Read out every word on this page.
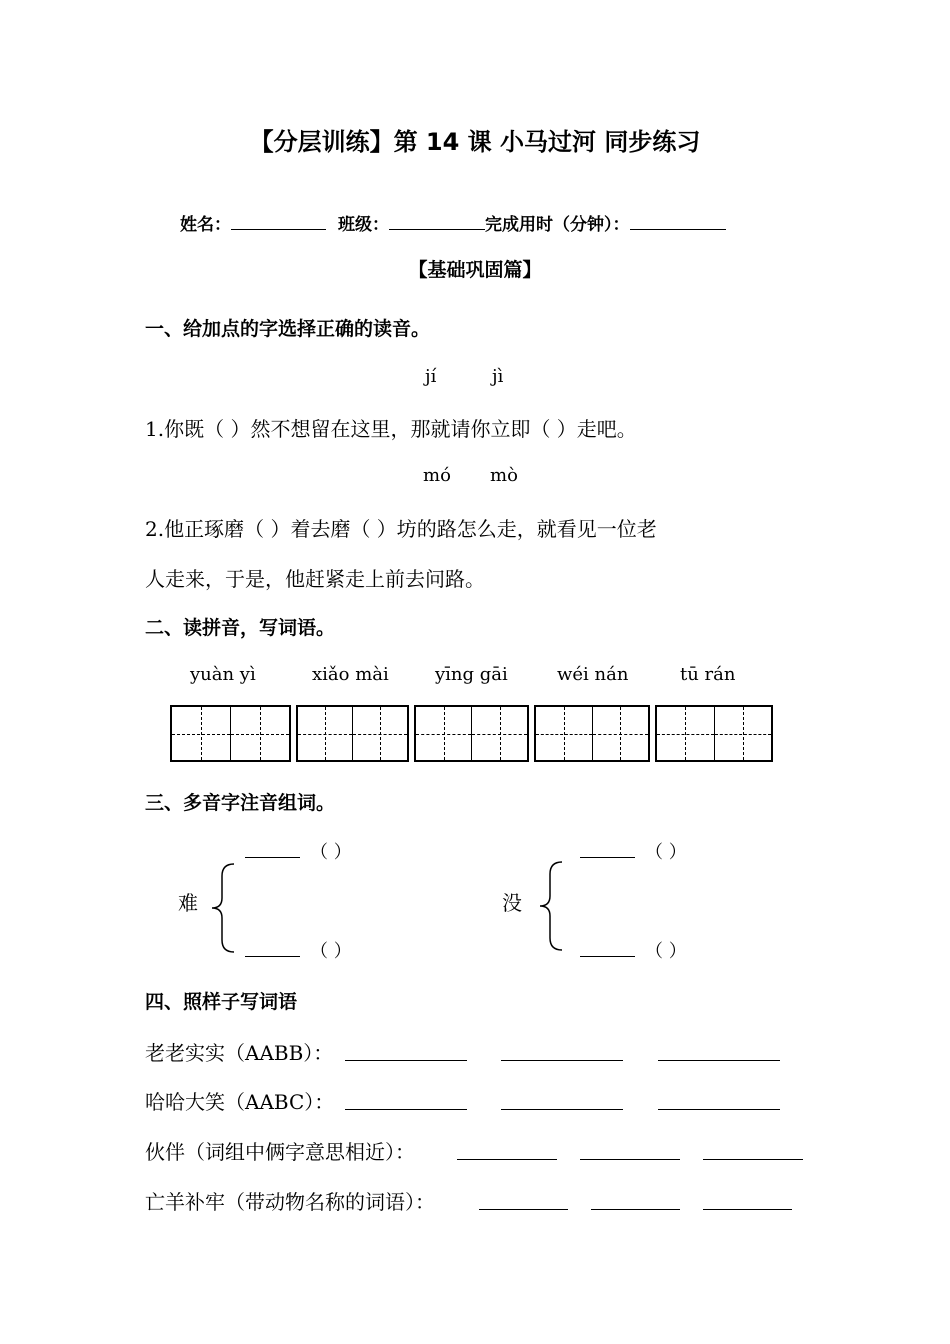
【分层训练】第 14 课 小马过河 同步练习
姓名：	班级：	完成用时（分钟）：
【基础巩固篇】
一、给加点的字选择正确的读音。
jí	jì
1.你既（ ）然不想留在这里，那就请你立即（ ）走吧。
mó mò
2.他正琢磨（ ）着去磨（ ）坊的路怎么走，就看见一位老
人走来，于是，他赶紧走上前去问路。
二、读拼音，写词语。
yuàn yì	xiǎo mài	yīng gāi	wéi nán	tū rán
三、多音字注音组词。
难
（ ）
（ ）
没
（ ）
（ ）
四、照样子写词语
老老实实（AABB）：
哈哈大笑（AABC）：
伙伴（词组中俩字意思相近）：
亡羊补牢（带动物名称的词语）：
